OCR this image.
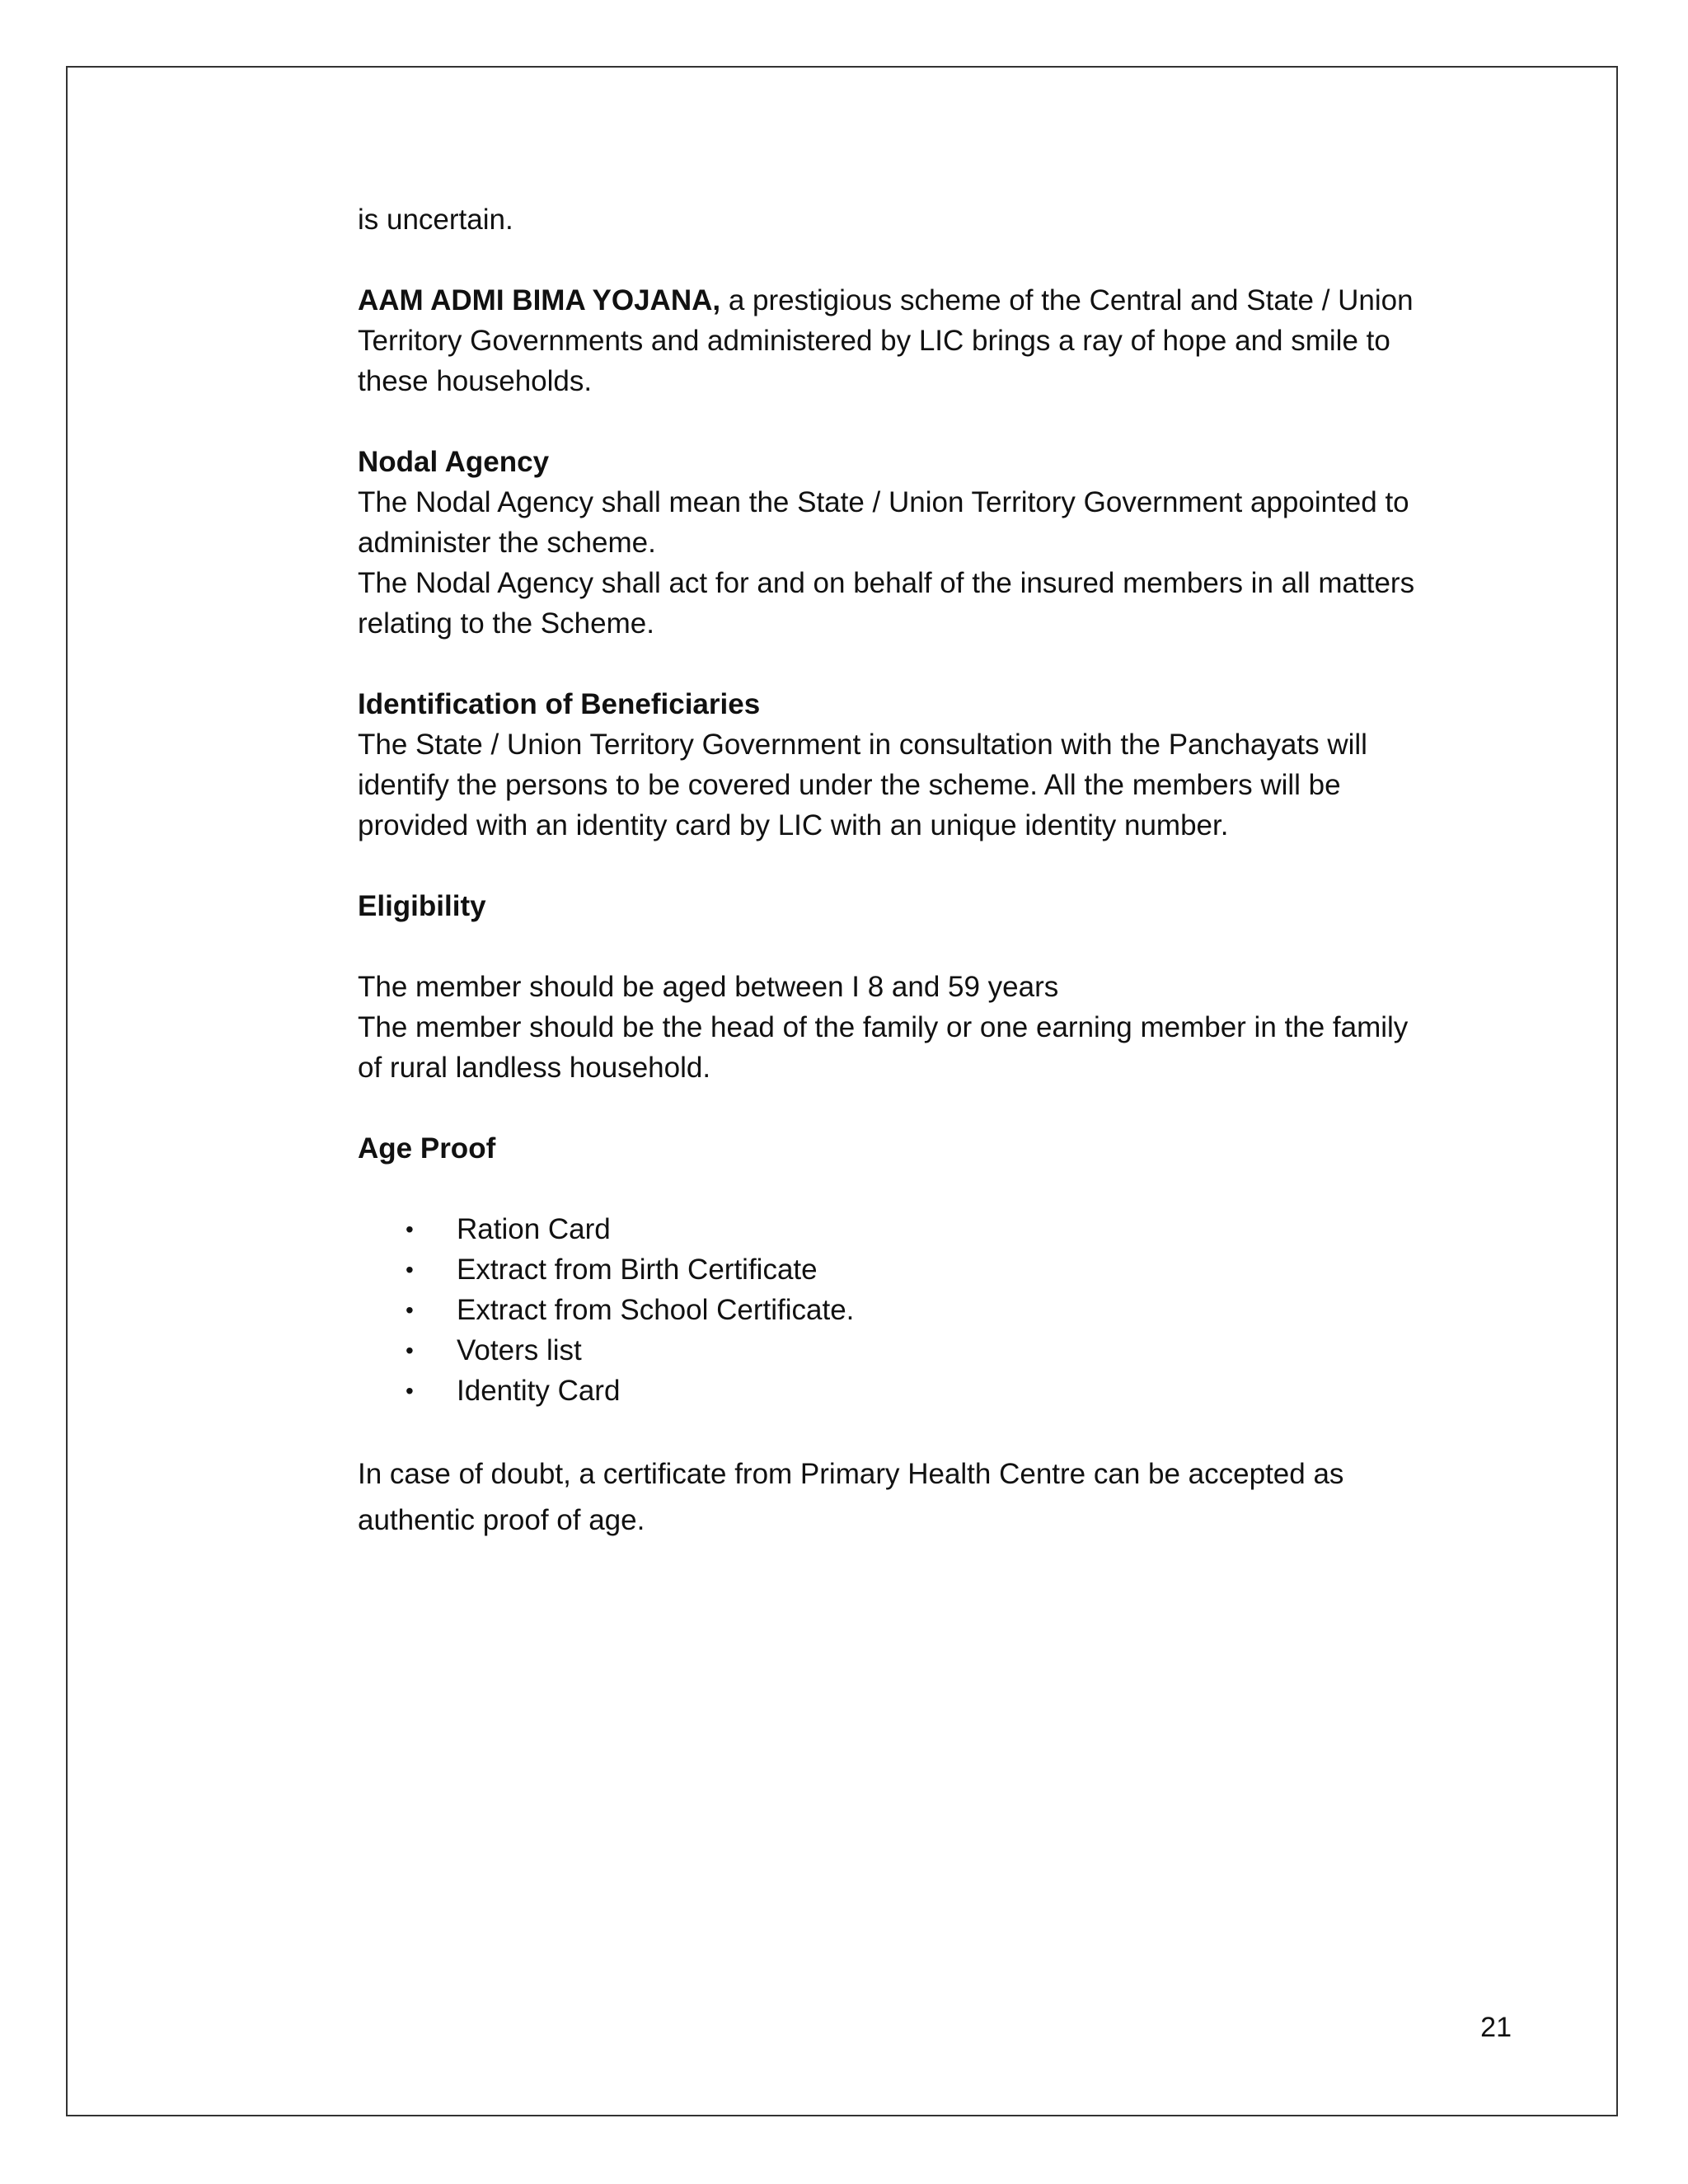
is uncertain.

AAM ADMI BIMA YOJANA, a prestigious scheme of the Central and State / Union

Territory Governments and administered by LIC brings a ray of hope and smile to

these households.

Nodal Agency

The Nodal Agency shall mean the State / Union Territory Government appointed to

administer the scheme.

The Nodal Agency shall act for and on behalf of the insured members in all matters

relating to the Scheme.

Identification of Beneficiaries

The State / Union Territory Government in consultation with the Panchayats will

identify the persons to be covered under the scheme. All the members will be

provided with an identity card by LIC with an unique identity number.

Eligibility

The member should be aged between I 8 and 59 years

The member should be the head of the family or one earning member in the family

of rural landless household.

Age Proof

• Ration Card
• Extract from Birth Certificate
• Extract from School Certificate.
• Voters list
• Identity Card

In case of doubt, a certificate from Primary Health Centre can be accepted as

authentic proof of age.

21
